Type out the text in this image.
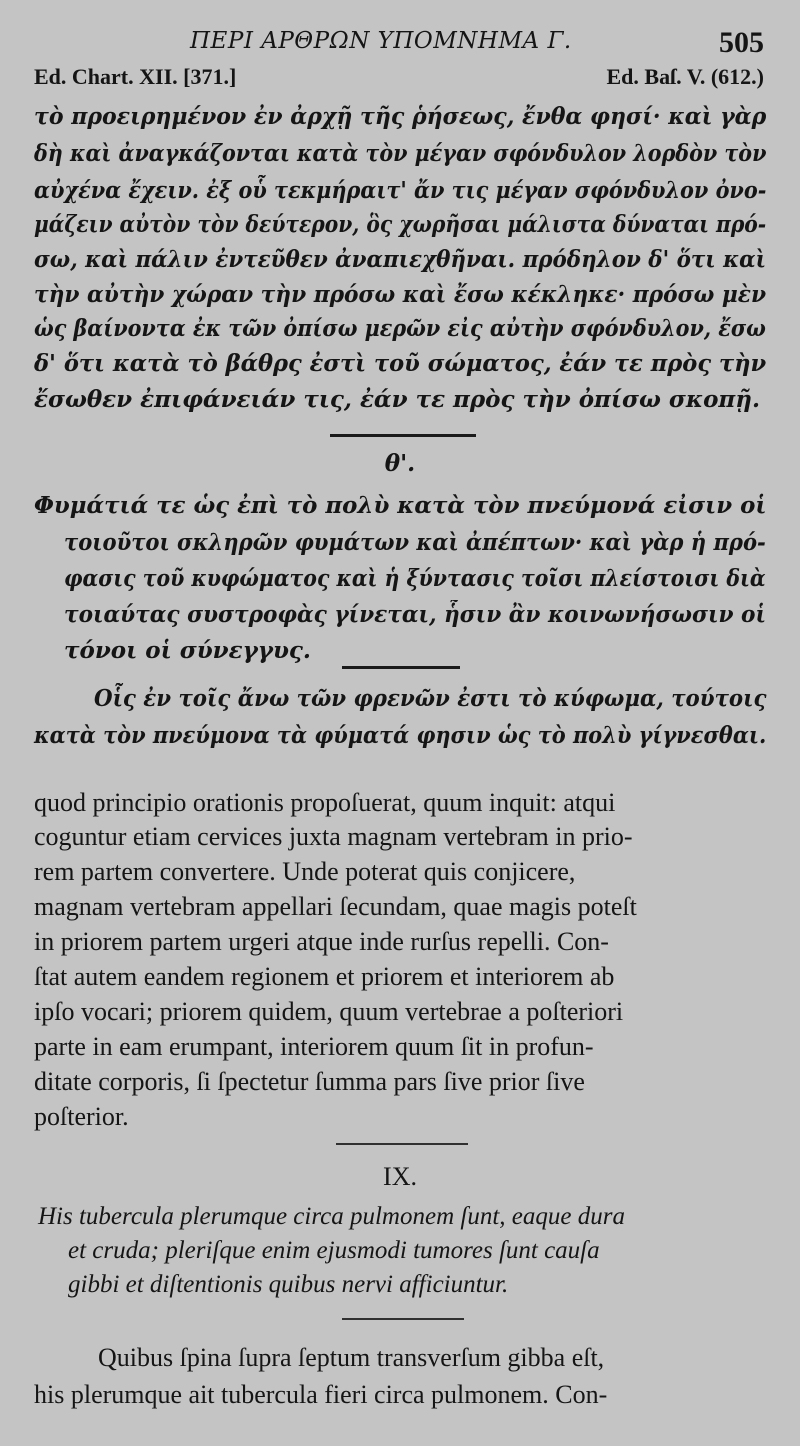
ΠΕΡΙ ΑΡΘΡΩΝ ΥΠΟΜΝΗΜΑ Γ.	505
Ed. Chart. XII. [371.]	Ed. Baſ. V. (612.)
τὸ προειρημένον ἐν ἀρχῇ τῆς ῥήσεως, ἔνθα φησί· καὶ γὰρ
δὴ καὶ ἀναγκάζονται κατὰ τὸν μέγαν σφόνδυλον λορδὸν τὸν
αὐχένα ἔχειν. ἐξ οὗ τεκμήραιτ' ἄν τις μέγαν σφόνδυλον ὀνο-
μάζειν αὐτὸν τὸν δεύτερον, ὃς χωρῆσαι μάλιστα δύναται πρό-
σω, καὶ πάλιν ἐντεῦθεν ἀναπιεχθῆναι. πρόδηλον δ' ὅτι καὶ
τὴν αὐτὴν χώραν τὴν πρόσω καὶ ἔσω κέκληκε· πρόσω μὲν
ὡς βαίνοντα ἐκ τῶν ὀπίσω μερῶν εἰς αὐτὴν σφόνδυλον, ἔσω
δ' ὅτι κατὰ τὸ βάθρς ἐστὶ τοῦ σώματος, ἐάν τε πρὸς τὴν
ἔσωθεν ἐπιφάνειάν τις, ἐάν τε πρὸς τὴν ὀπίσω σκοπῇ.
θ'.
Φυμάτιά τε ὡς ἐπὶ τὸ πολὺ κατὰ τὸν πνεύμονά εἰσιν οἱ
τοιοῦτοι σκληρῶν φυμάτων καὶ ἀπέπτων· καὶ γὰρ ἡ πρό-
φασις τοῦ κυφώματος καὶ ἡ ξύντασις τοῖσι πλείστοισι διὰ
τοιαύτας συστροφὰς γίνεται, ἧσιν ἂν κοινωνήσωσιν οἱ
τόνοι οἱ σύνεγγυς.
Οἷς ἐν τοῖς ἄνω τῶν φρενῶν ἐστι τὸ κύφωμα, τούτοις
κατὰ τὸν πνεύμονα τὰ φύματά φησιν ὡς τὸ πολὺ γίγνεσθαι.
quod principio orationis propoſuerat, quum inquit: atqui
coguntur etiam cervices juxta magnam vertebram in prio-
rem partem convertere. Unde poterat quis conjicere,
magnam vertebram appellari ſecundam, quae magis poteſt
in priorem partem urgeri atque inde rurſus repelli. Con-
ſtat autem eandem regionem et priorem et interiorem ab
ipſo vocari; priorem quidem, quum vertebrae a poſteriori
parte in eam erumpant, interiorem quum ſit in profun-
ditate corporis, ſi ſpectetur ſumma pars ſive prior ſive
poſterior.
IX.
His tubercula plerumque circa pulmonem ſunt, eaque dura
et cruda; pleriſque enim ejusmodi tumores ſunt cauſa
gibbi et diſtentionis quibus nervi afficiuntur.
Quibus ſpina ſupra ſeptum transverſum gibba eſt,
his plerumque ait tubercula fieri circa pulmonem. Con-
